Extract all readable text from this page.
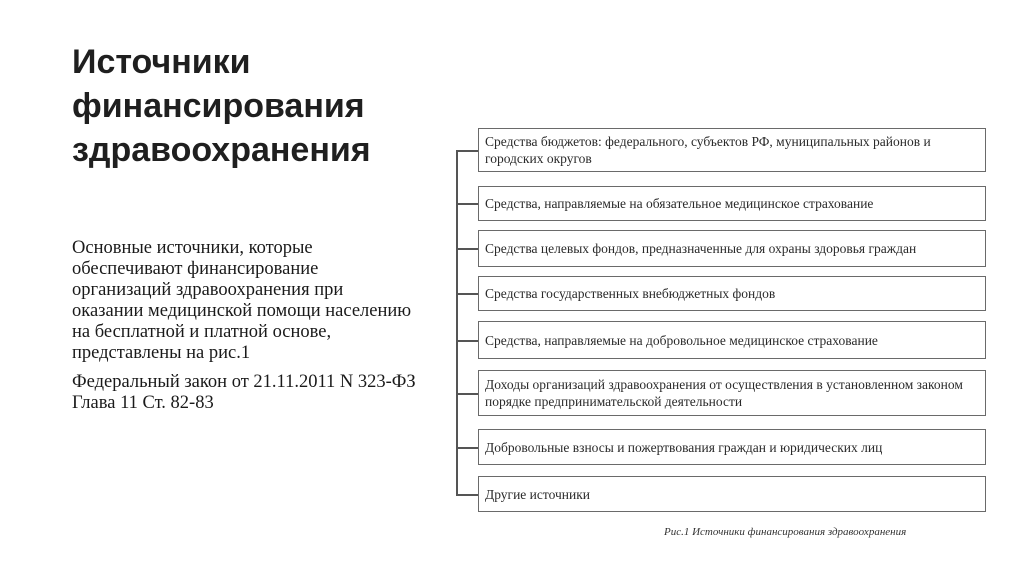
Источники финансирования здравоохранения

Основные источники, которые обеспечивают финансирование организаций здравоохранения при оказании медицинской помощи населению на бесплатной и платной основе, представлены на рис.1

Федеральный закон от 21.11.2011 N 323-ФЗ Глава 11 Ст. 82-83

Средства бюджетов: федерального, субъектов РФ, муниципальных районов и городских округов
Средства, направляемые на обязательное медицинское страхование
Средства целевых фондов, предназначенные для охраны здоровья граждан
Средства государственных внебюджетных фондов
Средства, направляемые на добровольное медицинское страхование
Доходы организаций здравоохранения от осуществления в установленном законом порядке предпринимательской деятельности
Добровольные взносы и пожертвования граждан и юридических лиц
Другие источники
Рис.1 Источники финансирования здравоохранения
